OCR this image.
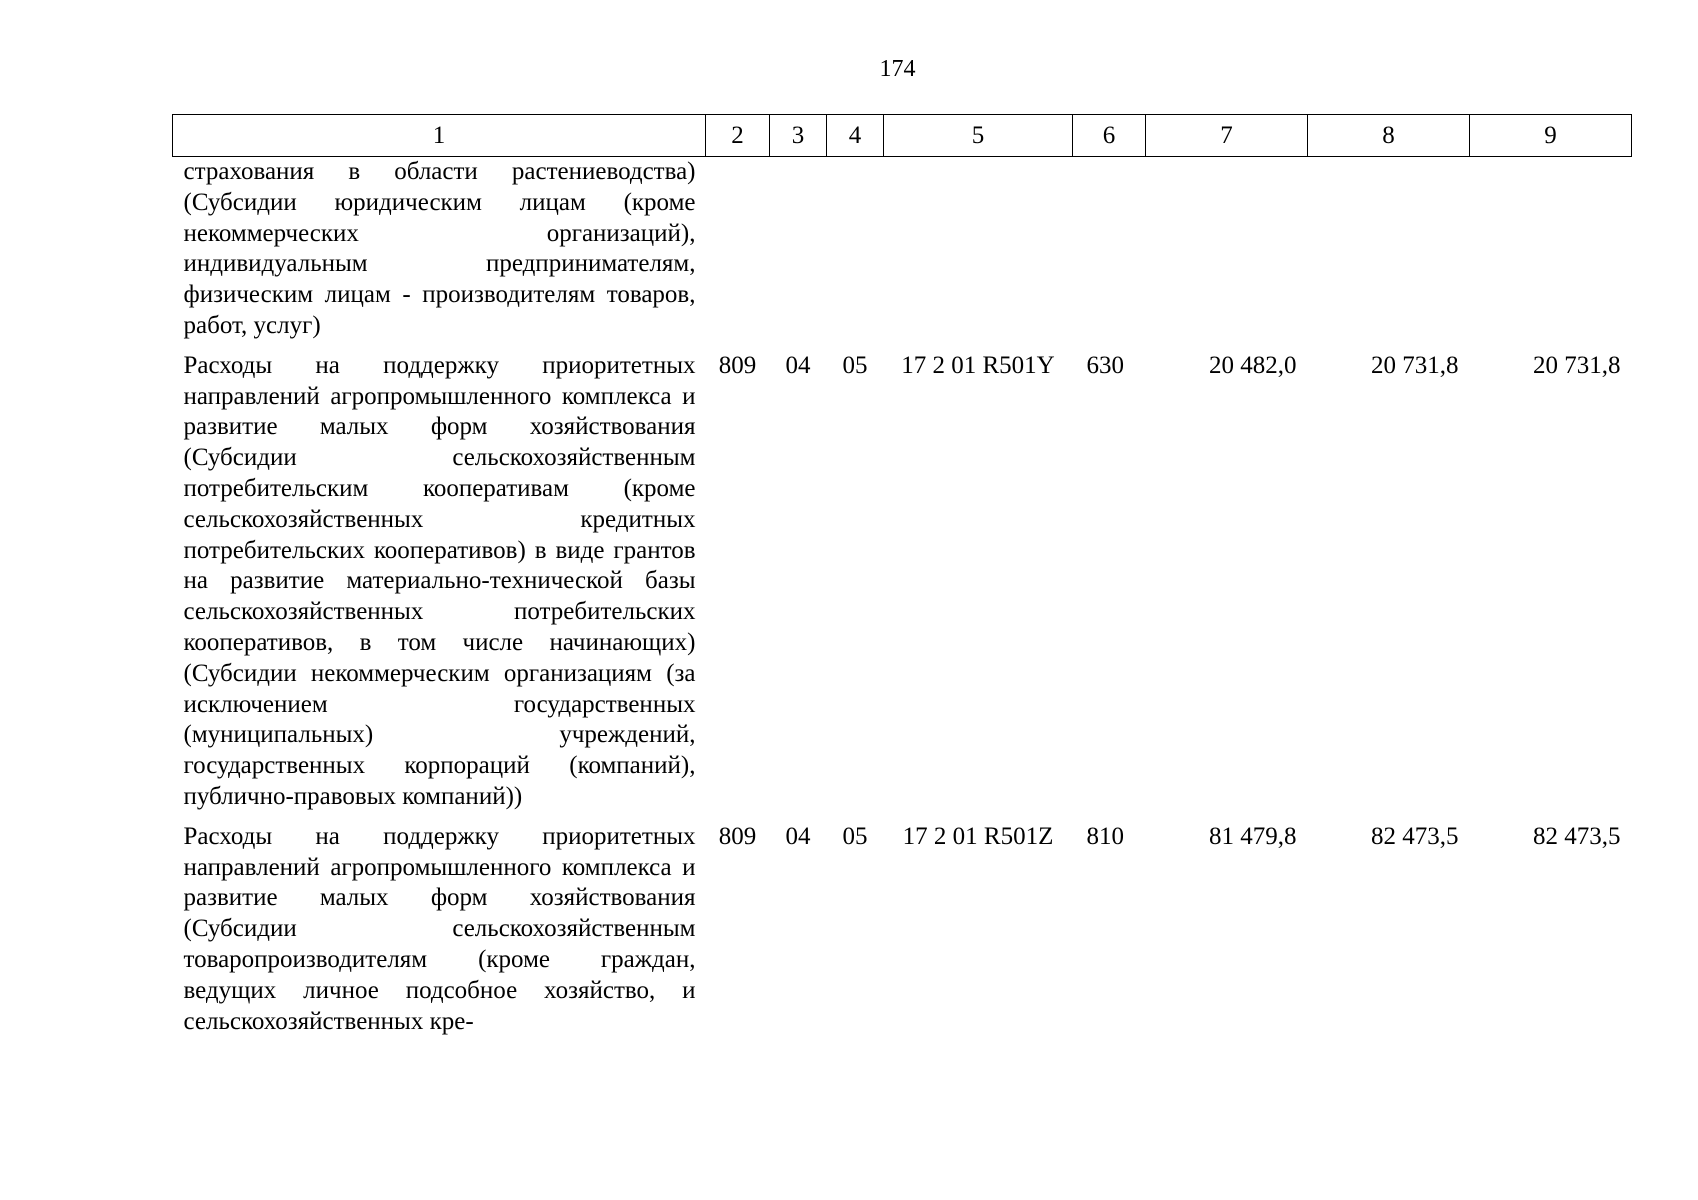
174
1	2	3	4	5	6	7	8	9

страхования в области растениеводства) (Субсидии юридическим лицам (кроме некоммерческих организаций), индивидуальным предпринимателям, физическим лицам - производителям товаров, работ, услуг)								

Расходы на поддержку приоритетных направлений агропромышленного комплекса и развитие малых форм хозяйствования (Субсидии сельскохозяйственным потребительским кооперативам (кроме сельскохозяйственных кредитных потребительских кооперативов) в виде грантов на развитие материально-технической базы сельскохозяйственных потребительских кооперативов, в том числе начинающих) (Субсидии некоммерческим организациям (за исключением государственных (муниципальных) учреждений, государственных корпораций (компаний), публично-правовых компаний))	809	04	05	17 2 01 R501Y	630	20 482,0	20 731,8	20 731,8

Расходы на поддержку приоритетных направлений агропромышленного комплекса и развитие малых форм хозяйствования (Субсидии сельскохозяйственным товаропроизводителям (кроме граждан, ведущих личное подсобное хозяйство, и сельскохозяйственных кре-	809	04	05	17 2 01 R501Z	810	81 479,8	82 473,5	82 473,5
